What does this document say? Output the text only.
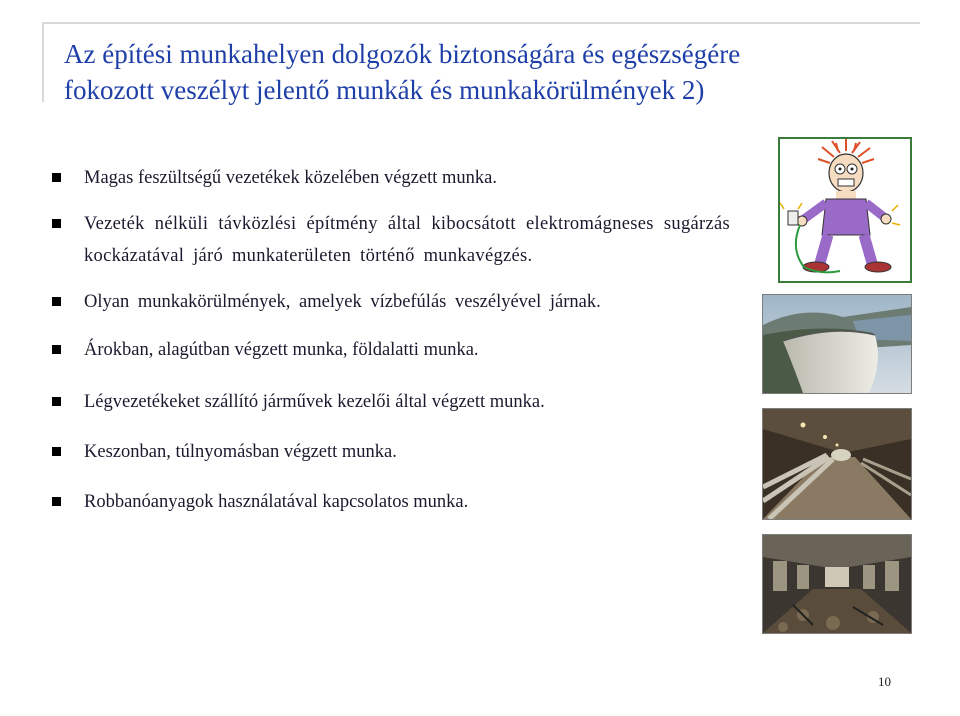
Az építési munkahelyen dolgozók biztonságára és egészségére
fokozott veszélyt jelentő munkák és munkakörülmények 2)
Magas feszültségű vezetékek közelében végzett munka.
Vezeték nélküli távközlési építmény által kibocsátott elektromágneses sugárzás kockázatával járó munkaterületen történő munkavégzés.
Olyan munkakörülmények, amelyek vízbefúlás veszélyével járnak.
Árokban, alagútban végzett munka, földalatti munka.
Légvezetékeket szállító járművek kezelői által végzett munka.
Keszonban, túlnyomásban végzett munka.
Robbanóanyagok használatával kapcsolatos munka.
10
